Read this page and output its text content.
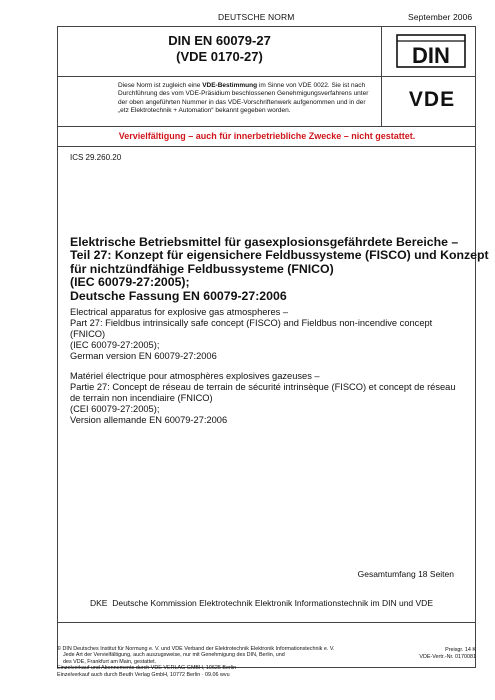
DEUTSCHE NORM	September 2006
DIN EN 60079-27
(VDE 0170-27)	DIN
VDE
Diese Norm ist zugleich eine VDE-Bestimmung im Sinne von VDE 0022. Sie ist nach Durchführung des vom VDE-Präsidium beschlossenen Genehmigungsverfahrens unter der oben angeführten Nummer in das VDE-Vorschriftenwerk aufgenommen und in der „etz Elektrotechnik + Automation“ bekannt gegeben worden.
Vervielfältigung – auch für innerbetriebliche Zwecke – nicht gestattet.
ICS 29.260.20
Elektrische Betriebsmittel für gasexplosionsgefährdete Bereiche –
Teil 27: Konzept für eigensichere Feldbussysteme (FISCO) und Konzept
für nichtzündfähige Feldbussysteme (FNICO)
(IEC 60079-27:2005);
Deutsche Fassung EN 60079-27:2006
Electrical apparatus for explosive gas atmospheres –
Part 27: Fieldbus intrinsically safe concept (FISCO) and Fieldbus non-incendive concept
(FNICO)
(IEC 60079-27:2005);
German version EN 60079-27:2006
Matériel électrique pour atmosphères explosives gazeuses –
Partie 27: Concept de réseau de terrain de sécurité intrinsèque (FISCO) et concept de réseau
de terrain non incendiaire (FNICO)
(CEI 60079-27:2005);
Version allemande EN 60079-27:2006
Gesamtumfang 18 Seiten
DKE Deutsche Kommission Elektrotechnik Elektronik Informationstechnik im DIN und VDE
© DIN Deutsches Institut für Normung e. V. und VDE Verband der Elektrotechnik Elektronik Informationstechnik e. V.
Jede Art der Vervielfältigung, auch auszugsweise, nur mit Genehmigung des DIN, Berlin, und
des VDE, Frankfurt am Main, gestattet.
Einzelverkauf und Abonnements durch VDE VERLAG GMBH, 10625 Berlin
Einzelverkauf auch durch Beuth Verlag GmbH, 10772 Berlin · 09.06 wvu
Preisgr. 14 K
VDE-Vertr.-Nr. 0170081
